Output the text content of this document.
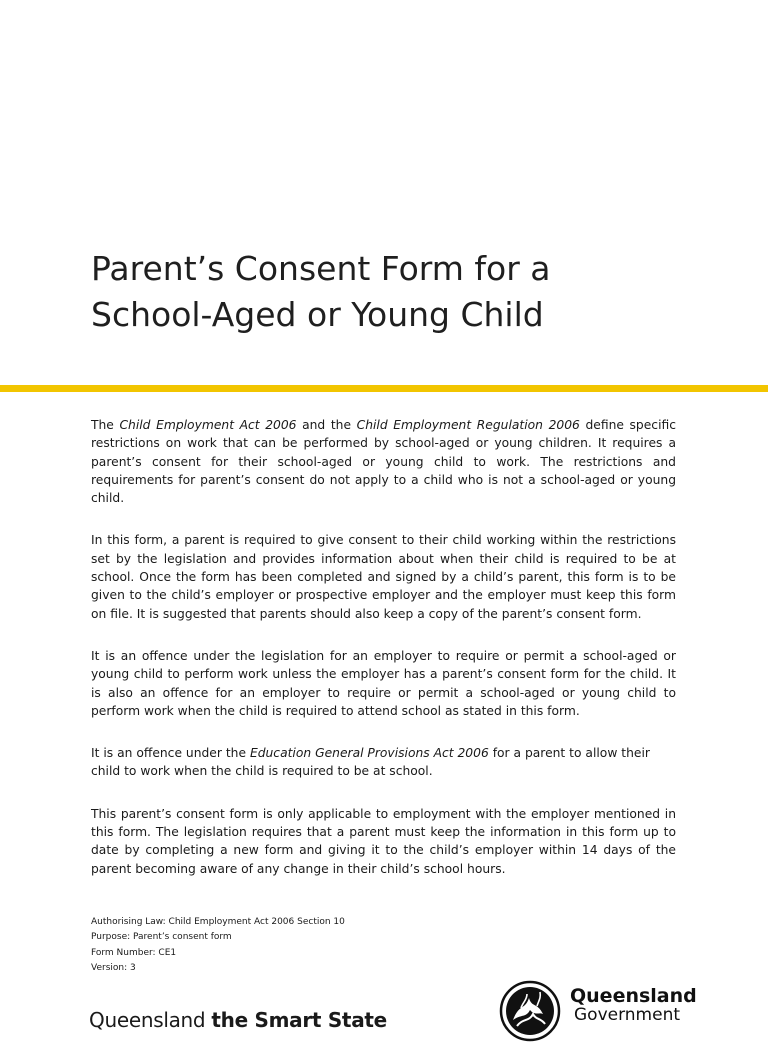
Parent’s Consent Form for a
School-Aged or Young Child

The Child Employment Act 2006 and the Child Employment Regulation 2006 define specific restrictions on work that can be performed by school-aged or young children. It requires a parent’s consent for their school-aged or young child to work. The restrictions and requirements for parent’s consent do not apply to a child who is not a school-aged or young child.

In this form, a parent is required to give consent to their child working within the restrictions set by the legislation and provides information about when their child is required to be at school. Once the form has been completed and signed by a child’s parent, this form is to be given to the child’s employer or prospective employer and the employer must keep this form on file. It is suggested that parents should also keep a copy of the parent’s consent form.

It is an offence under the legislation for an employer to require or permit a school-aged or young child to perform work unless the employer has a parent’s consent form for the child. It is also an offence for an employer to require or permit a school-aged or young child to perform work when the child is required to attend school as stated in this form.

It is an offence under the Education General Provisions Act 2006 for a parent to allow their child to work when the child is required to be at school.

This parent’s consent form is only applicable to employment with the employer mentioned in this form. The legislation requires that a parent must keep the information in this form up to date by completing a new form and giving it to the child’s employer within 14 days of the parent becoming aware of any change in their child’s school hours.

Authorising Law: Child Employment Act 2006 Section 10
Purpose: Parent’s consent form
Form Number: CE1
Version: 3
Queensland the Smart State
Queensland
Government
